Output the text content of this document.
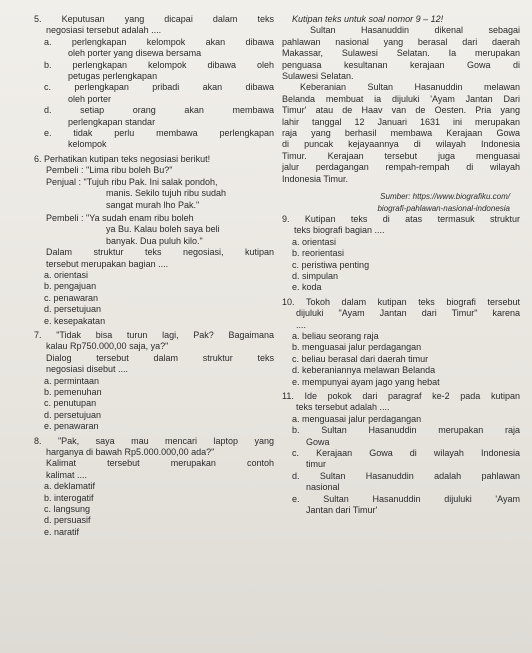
5. Keputusan yang dicapai dalam teks

negosiasi tersebut adalah ....

a. perlengkapan kelompok akan dibawa

oleh porter yang disewa bersama

b. perlengkapan kelompok dibawa oleh

petugas perlengkapan

c.	perlengkapan pribadi akan dibawa

oleh porter

d.	setiap orang akan membawa

perlengkapan standar

e. tidak perlu membawa perlengkapan

kelompok

6. Perhatikan kutipan teks negosiasi berikut!

Pembeli : "Lima ribu boleh Bu?"

Penjual : "Tujuh ribu Pak. Ini salak pondoh,

manis. Sekilo tujuh ribu sudah

sangat murah lho Pak."

Pembeli : "Ya sudah enam ribu boleh

ya Bu. Kalau boleh saya beli

banyak. Dua puluh kilo."

Dalam struktur teks negosiasi, kutipan

tersebut merupakan bagian ....

a. orientasi

b. pengajuan

c. penawaran

d. persetujuan

e. kesepakatan

7. "Tidak bisa turun lagi, Pak? Bagaimana

kalau Rp750.000,00 saja, ya?"

Dialog tersebut dalam struktur teks

negosiasi disebut ....

a. permintaan

b. pemenuhan

c. penutupan

d. persetujuan

e. penawaran

8. "Pak, saya mau mencari laptop yang

harganya di bawah Rp5.000.000,00 ada?"

Kalimat tersebut merupakan contoh

kalimat ....

a. deklamatif

b. interogatif

c. langsung

d. persuasif

e. naratif

Kutipan teks untuk soal nomor 9 – 12!

Sultan Hasanuddin dikenal sebagai

pahlawan nasional yang berasal dari daerah

Makassar, Sulawesi Selatan. Ia merupakan

penguasa kesultanan kerajaan Gowa di

Sulawesi Selatan.

Keberanian Sultan Hasanuddin melawan

Belanda membuat ia dijuluki 'Ayam Jantan Dari

Timur' atau de Haav van de Oesten. Pria yang

lahir tanggal 12 Januari 1631 ini merupakan

raja yang berhasil membawa Kerajaan Gowa

di puncak kejayaannya di wilayah Indonesia

Timur. Kerajaan tersebut juga menguasai

jalur perdagangan rempah-rempah di wilayah

Indonesia Timur.

Sumber: https://www.biografiku.com/

biografi-pahlawan-nasional-indonesia

9. Kutipan teks di atas termasuk struktur

teks biografi bagian ....

a. orientasi

b. reorientasi

c. peristiwa penting

d. simpulan

e. koda

10. Tokoh dalam kutipan teks biografi tersebut

dijuluki "Ayam Jantan dari Timur" karena

....

a. beliau seorang raja

b. menguasai jalur perdagangan

c. beliau berasal dari daerah timur

d. keberaniannya melawan Belanda

e. mempunyai ayam jago yang hebat

11. Ide pokok dari paragraf ke-2 pada kutipan

teks tersebut adalah ....

a. menguasai jalur perdagangan

b. Sultan Hasanuddin merupakan raja

Gowa

c. Kerajaan Gowa di wilayah Indonesia

timur

d. Sultan Hasanuddin adalah pahlawan

nasional

e.	Sultan Hasanuddin dijuluki 'Ayam

Jantan dari Timur'
